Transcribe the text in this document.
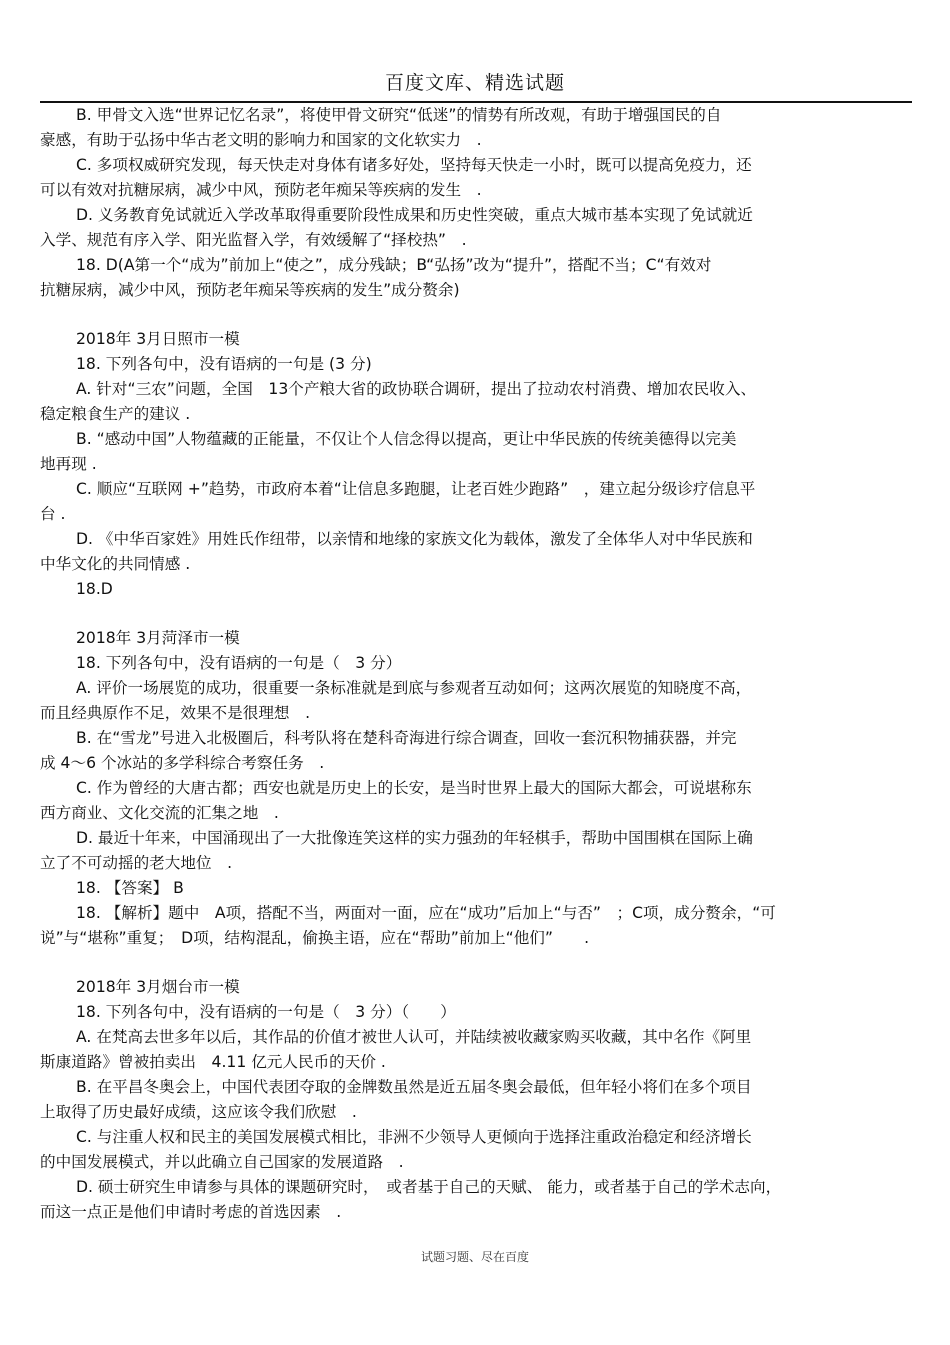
百度文库、精选试题
B. 甲骨文入选“世界记忆名录”，将使甲骨文研究“低迷”的情势有所改观，有助于增强国民的自
豪感，有助于弘扬中华古老文明的影响力和国家的文化软实力　.
C. 多项权威研究发现，每天快走对身体有诸多好处，坚持每天快走一小时，既可以提高免疫力，还
可以有效对抗糖尿病，减少中风，预防老年痴呆等疾病的发生　.
D. 义务教育免试就近入学改革取得重要阶段性成果和历史性突破，重点大城市基本实现了免试就近
入学、规范有序入学、阳光监督入学，有效缓解了“择校热”　.
18. D(A第一个“成为”前加上“使之”，成分残缺；B“弘扬”改为“提升”，搭配不当；C“有效对
抗糖尿病，减少中风，预防老年痴呆等疾病的发生”成分赘余)
2018年 3月日照市一模
18. 下列各句中，没有语病的一句是 (3 分)
A. 针对“三农”问题，全国　13个产粮大省的政协联合调研，提出了拉动农村消费、增加农民收入、
稳定粮食生产的建议 .
B. “感动中国”人物蕴藏的正能量，不仅让个人信念得以提高，更让中华民族的传统美德得以完美
地再现 .
C. 顺应“互联网 +”趋势，市政府本着“让信息多跑腿，让老百姓少跑路”　，建立起分级诊疗信息平
台 .
D. 《中华百家姓》用姓氏作纽带，以亲情和地缘的家族文化为载体，激发了全体华人对中华民族和
中华文化的共同情感 .
18.D
2018年 3月菏泽市一模
18. 下列各句中，没有语病的一句是（　3 分）
A. 评价一场展览的成功，很重要一条标准就是到底与参观者互动如何；这两次展览的知晓度不高，
而且经典原作不足，效果不是很理想　.
B. 在“雪龙”号进入北极圈后，科考队将在楚科奇海进行综合调查，回收一套沉积物捕获器，并完
成 4～6 个冰站的多学科综合考察任务　.
C. 作为曾经的大唐古都；西安也就是历史上的长安，是当时世界上最大的国际大都会，可说堪称东
西方商业、文化交流的汇集之地　.
D. 最近十年来，中国涌现出了一大批像连笑这样的实力强劲的年轻棋手，帮助中国围棋在国际上确
立了不可动摇的老大地位　.
18. 【答案】 B
18. 【解析】题中　A项，搭配不当，两面对一面，应在“成功”后加上“与否”　；C项，成分赘余，“可
说”与“堪称”重复；　D项，结构混乱，偷换主语，应在“帮助”前加上“他们”　　.
2018年 3月烟台市一模
18. 下列各句中，没有语病的一句是（　3 分）（　　）
A. 在梵高去世多年以后，其作品的价值才被世人认可，并陆续被收藏家购买收藏，其中名作《阿里
斯康道路》曾被拍卖出　4.11 亿元人民币的天价 .
B. 在平昌冬奥会上，中国代表团夺取的金牌数虽然是近五届冬奥会最低，但年轻小将们在多个项目
上取得了历史最好成绩，这应该令我们欣慰　.
C. 与注重人权和民主的美国发展模式相比，非洲不少领导人更倾向于选择注重政治稳定和经济增长
的中国发展模式，并以此确立自己国家的发展道路　.
D. 硕士研究生申请参与具体的课题研究时，　或者基于自己的天赋、 能力，或者基于自己的学术志向，
而这一点正是他们申请时考虑的首选因素　.
试题习题、尽在百度
